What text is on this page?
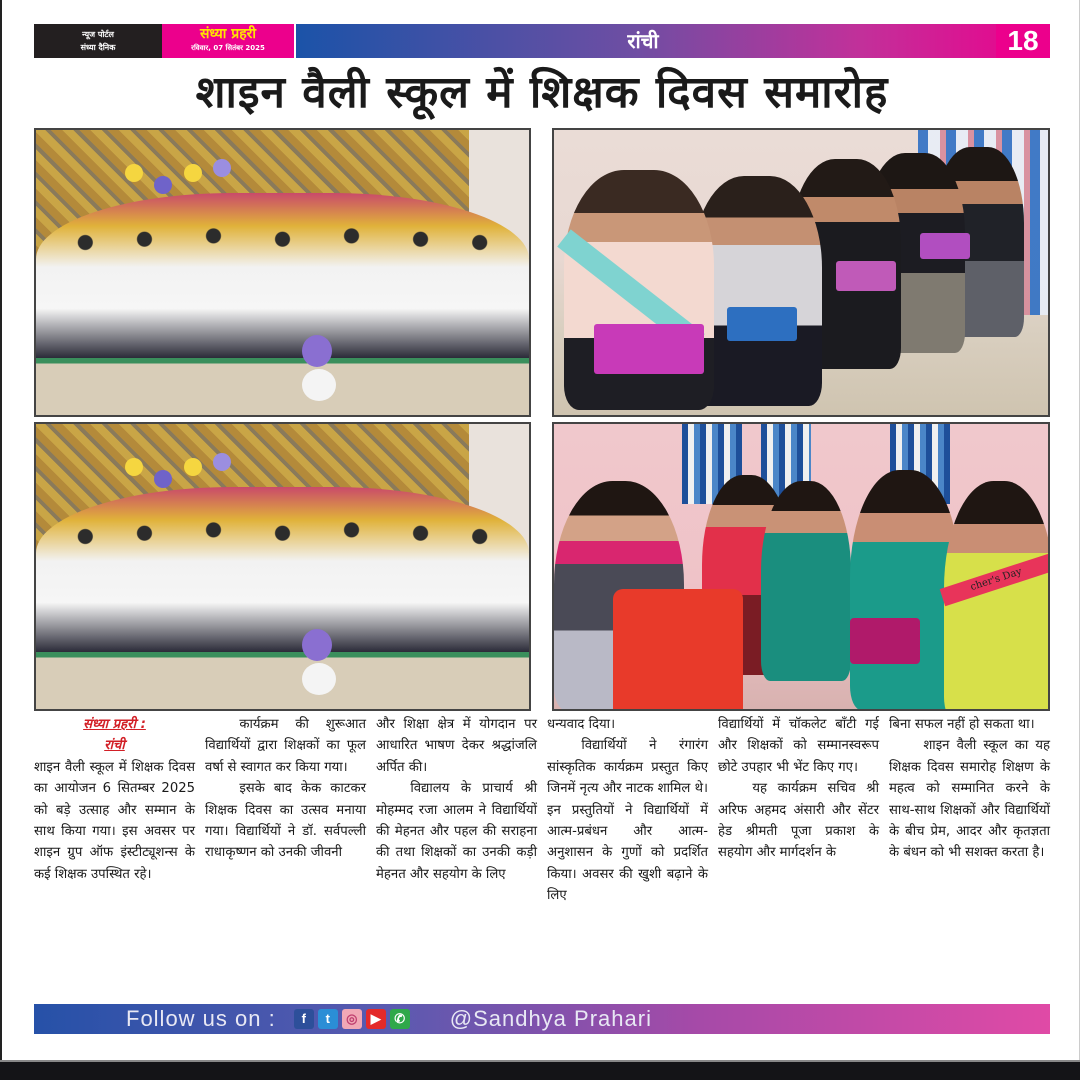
न्यूज पोर्टल
संध्या दैनिक
संध्या प्रहरी
रविवार, 07 सितंबर 2025	रांची	18
शाइन वैली स्कूल में शिक्षक दिवस समारोह
cher's Day

संध्या प्रहरी :

रांची

शाइन वैली स्कूल में शिक्षक दिवस का आयोजन 6 सितम्बर 2025 को बड़े उत्साह और सम्मान के साथ किया गया। इस अवसर पर शाइन ग्रुप ऑफ इंस्टीट्यूशन्स के कई शिक्षक उपस्थित रहे।

कार्यक्रम की शुरूआत विद्यार्थियों द्वारा शिक्षकों का फूल वर्षा से स्वागत कर किया गया।

इसके बाद केक काटकर शिक्षक दिवस का उत्सव मनाया गया। विद्यार्थियों ने डॉ. सर्वपल्ली राधाकृष्णन को उनकी जीवनी

और शिक्षा क्षेत्र में योगदान पर आधारित भाषण देकर श्रद्धांजलि अर्पित की।

विद्यालय के प्राचार्य श्री मोहम्मद रजा आलम ने विद्यार्थियों की मेहनत और पहल की सराहना की तथा शिक्षकों का उनकी कड़ी मेहनत और सहयोग के लिए

धन्यवाद दिया।

विद्यार्थियों ने रंगारंग सांस्कृतिक कार्यक्रम प्रस्तुत किए जिनमें नृत्य और नाटक शामिल थे। इन प्रस्तुतियों ने विद्यार्थियों में आत्म-प्रबंधन और आत्म-अनुशासन के गुणों को प्रदर्शित किया। अवसर की खुशी बढ़ाने के लिए

विद्यार्थियों में चॉकलेट बाँटी गई और शिक्षकों को सम्मानस्वरूप छोटे उपहार भी भेंट किए गए।

यह कार्यक्रम सचिव श्री अरिफ अहमद अंसारी और सेंटर हेड श्रीमती पूजा प्रकाश के सहयोग और मार्गदर्शन के

बिना सफल नहीं हो सकता था।

शाइन वैली स्कूल का यह शिक्षक दिवस समारोह शिक्षण के महत्व को सम्मानित करने के साथ-साथ शिक्षकों और विद्यार्थियों के बीच प्रेम, आदर और कृतज्ञता के बंधन को भी सशक्त करता है।

Follow us on :	f	t	◎	▶	✆ @Sandhya Prahari
